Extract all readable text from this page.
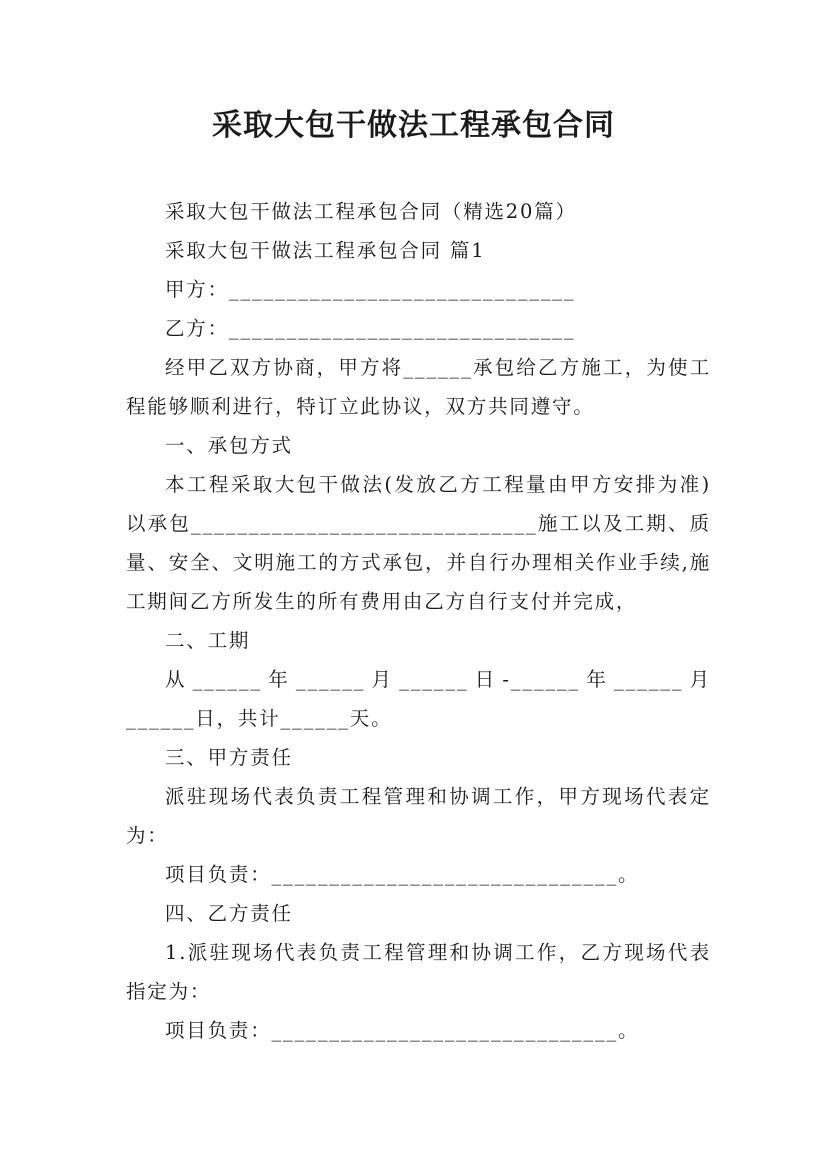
采取大包干做法工程承包合同

采取大包干做法工程承包合同（精选20篇）

采取大包干做法工程承包合同 篇1

甲方：______________________________

乙方：______________________________

经甲乙双方协商，甲方将______承包给乙方施工，为使工程能够顺利进行，特订立此协议，双方共同遵守。

一、承包方式

本工程采取大包干做法(发放乙方工程量由甲方安排为准)以承包______________________________施工以及工期、质量、安全、文明施工的方式承包，并自行办理相关作业手续,施工期间乙方所发生的所有费用由乙方自行支付并完成，

二、工期

从______年______月______日-______年______月______日，共计______天。

三、甲方责任

派驻现场代表负责工程管理和协调工作，甲方现场代表定为：

项目负责：______________________________。

四、乙方责任

1.派驻现场代表负责工程管理和协调工作，乙方现场代表指定为：

项目负责：______________________________。
